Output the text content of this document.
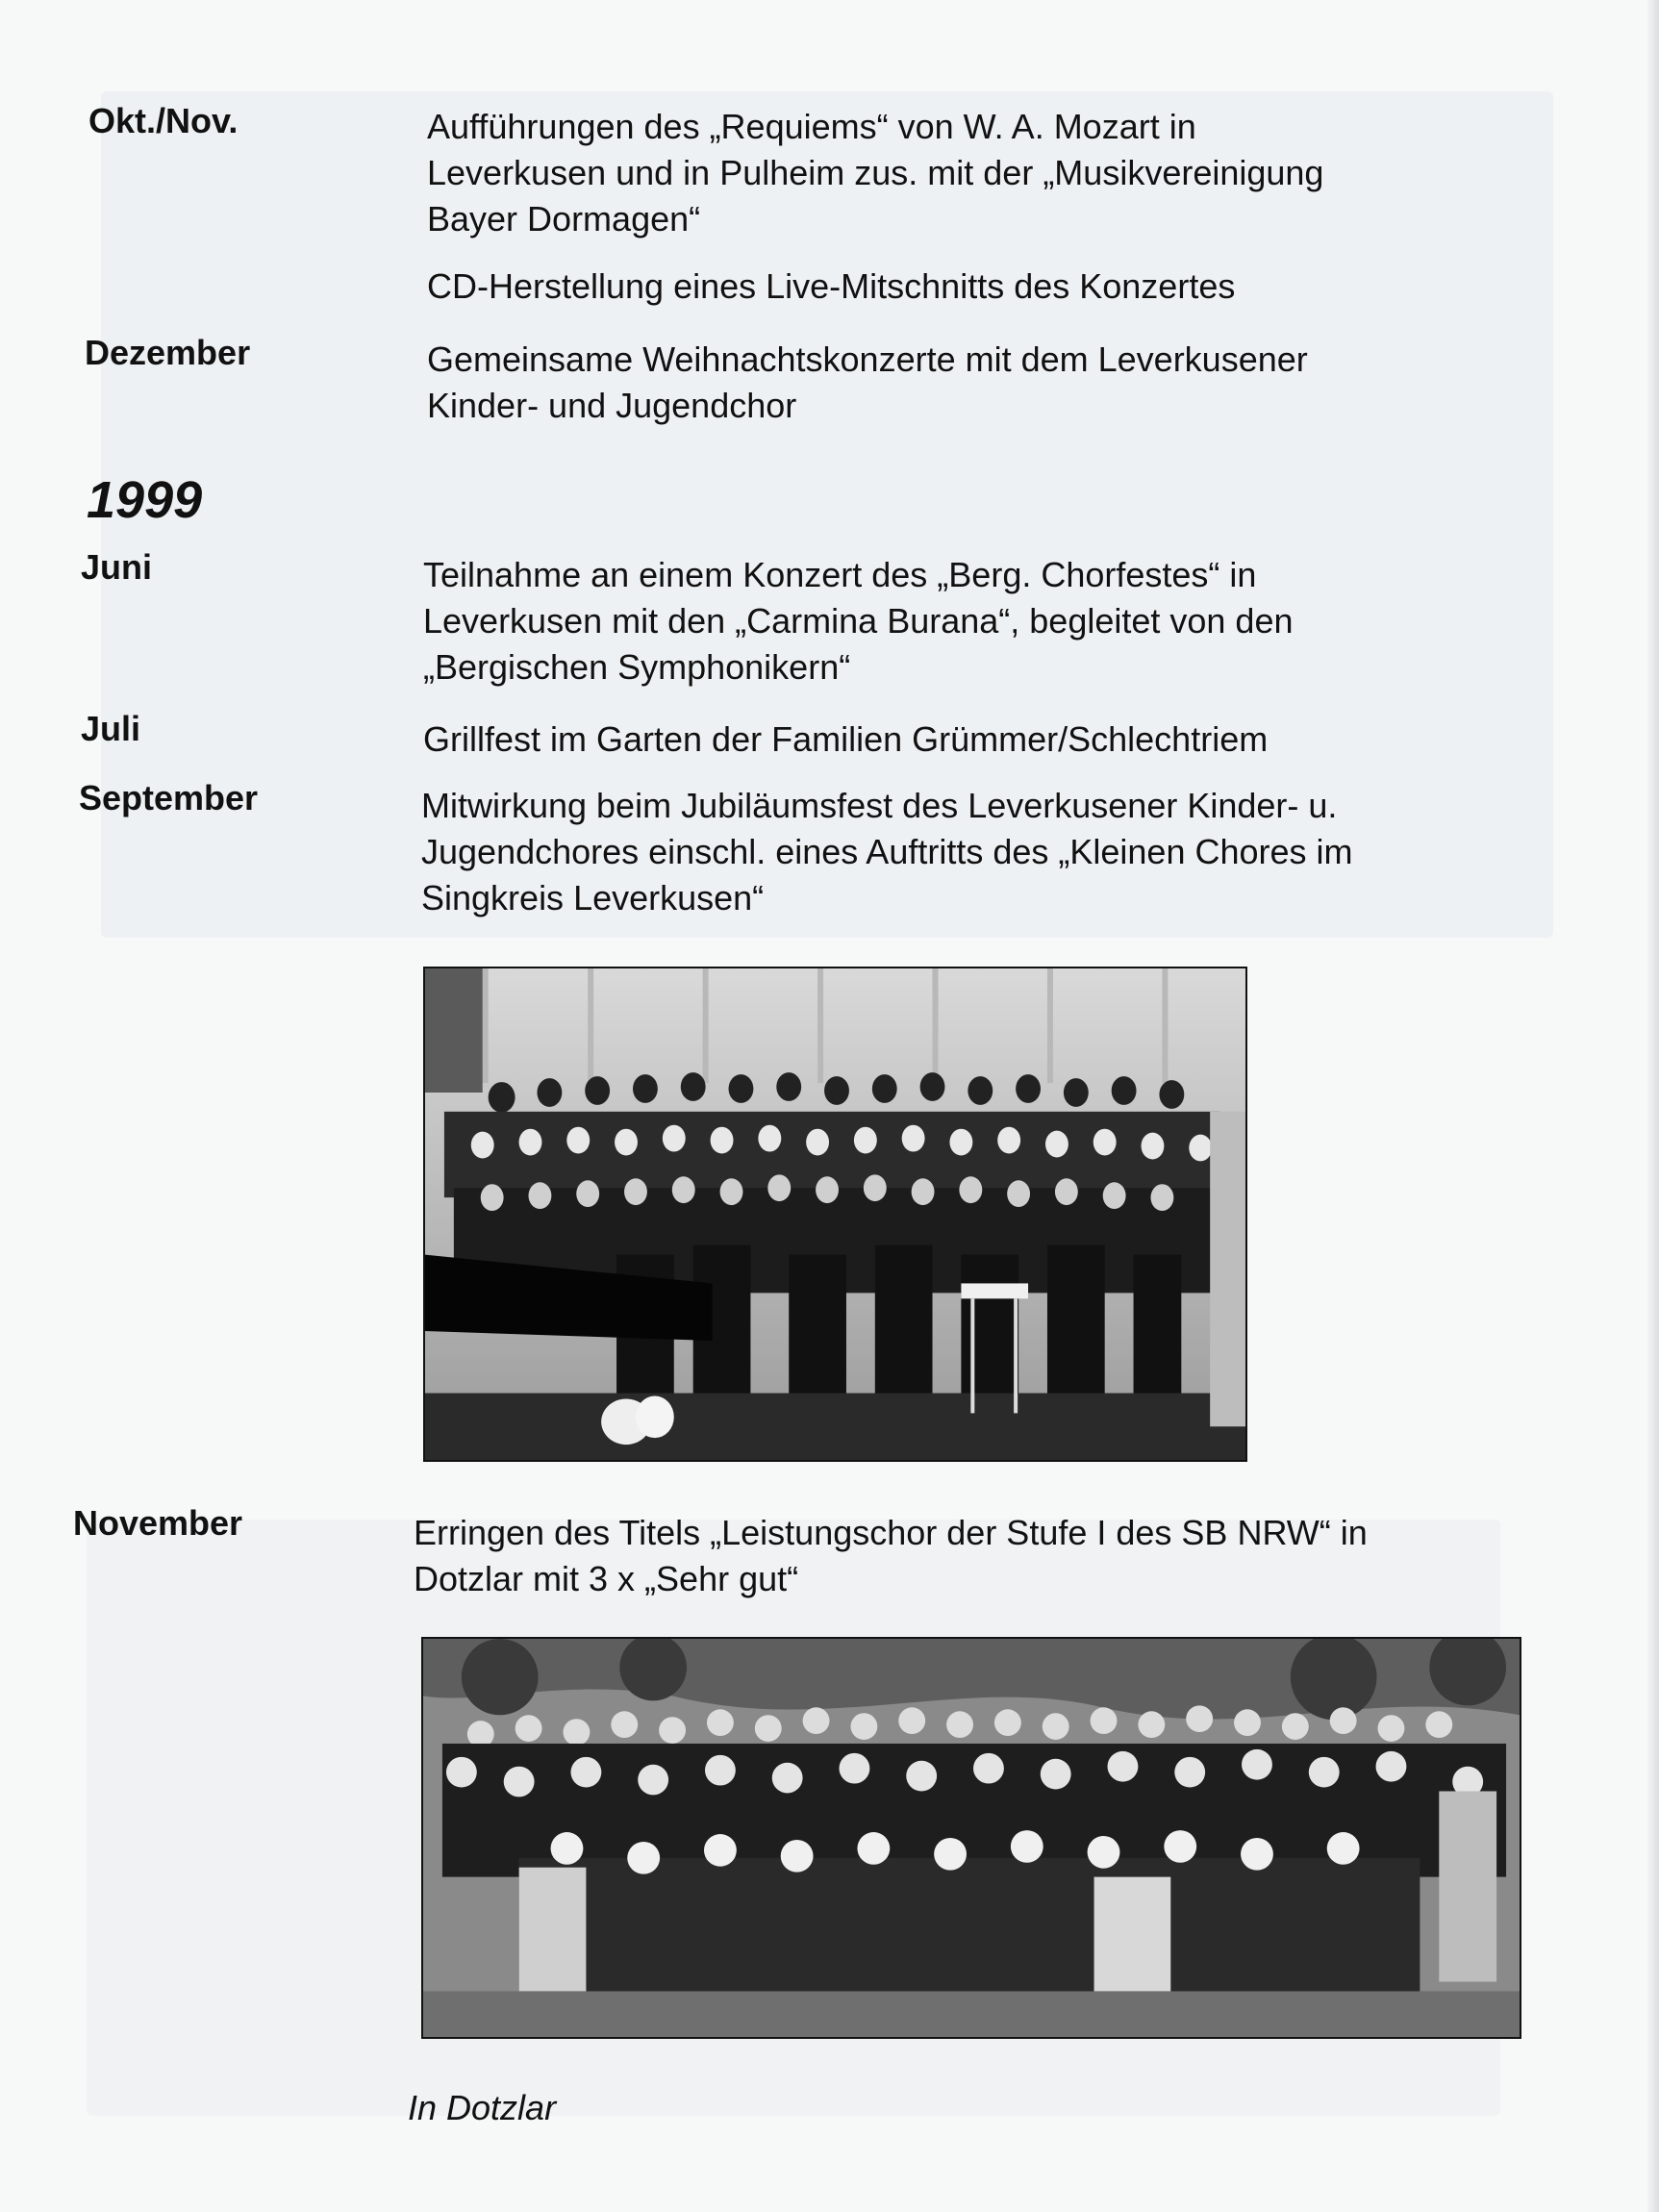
Okt./Nov.	Aufführungen des „Requiems“ von W. A. Mozart in
Leverkusen und in Pulheim zus. mit der „Musikvereinigung
Bayer Dormagen“
CD-Herstellung eines Live-Mitschnitts des Konzertes
Dezember	Gemeinsame Weihnachtskonzerte mit dem Leverkusener
Kinder- und Jugendchor
1999
Juni	Teilnahme an einem Konzert des „Berg. Chorfestes“ in
Leverkusen mit den „Carmina Burana“, begleitet von den
„Bergischen Symphonikern“
Juli	Grillfest im Garten der Familien Grümmer/Schlechtriem
September	Mitwirkung beim Jubiläumsfest des Leverkusener Kinder- u.
Jugendchores einschl. eines Auftritts des „Kleinen Chores im
Singkreis Leverkusen“
November	Erringen des Titels „Leistungschor der Stufe I des SB NRW“ in
Dotzlar mit 3 x „Sehr gut“
In Dotzlar
